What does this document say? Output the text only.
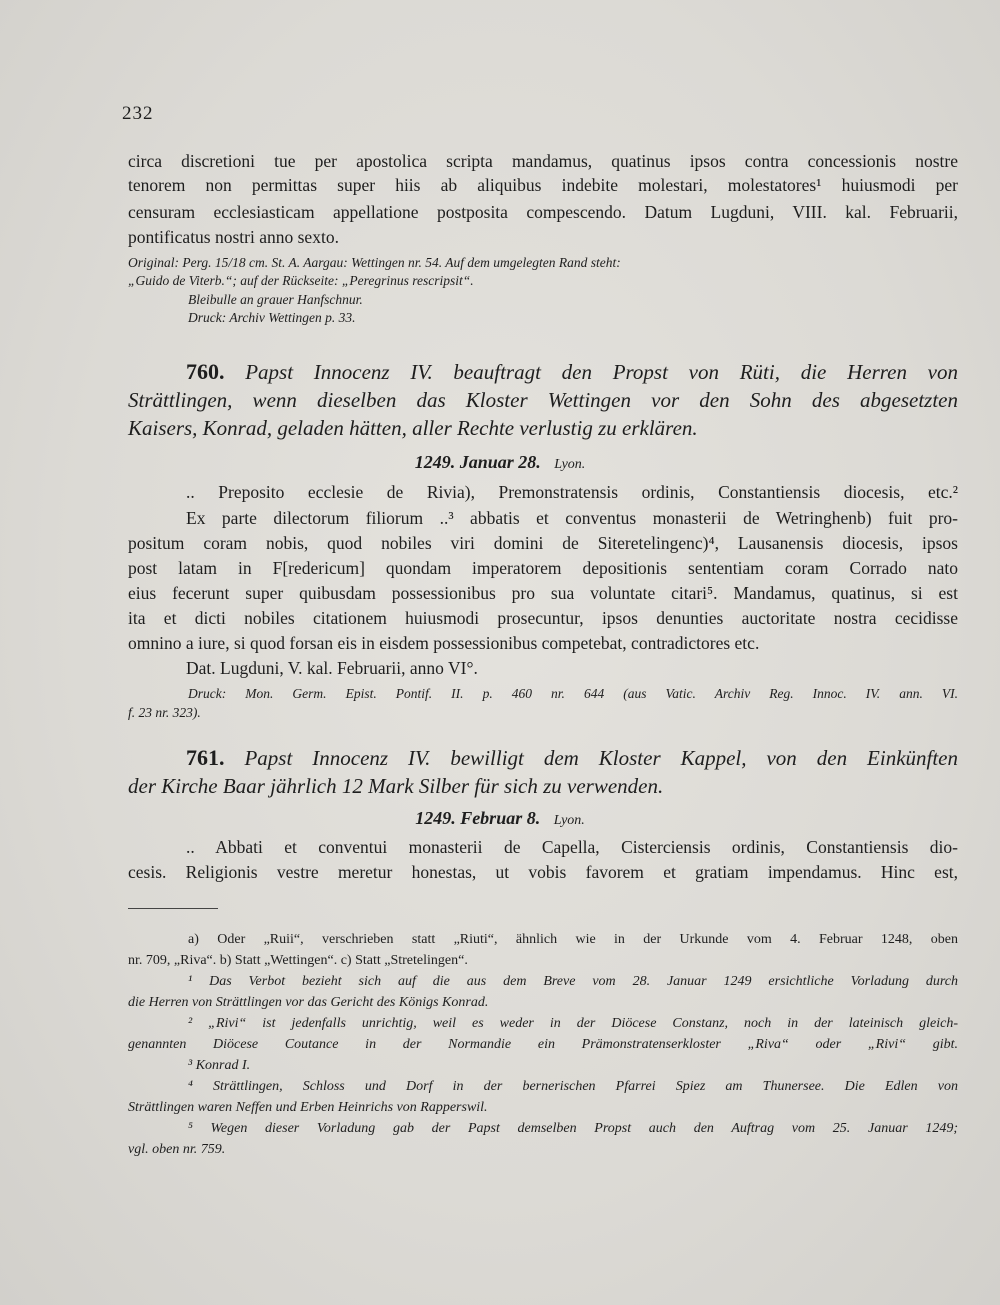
232
circa discretioni tue per apostolica scripta mandamus, quatinus ipsos contra concessionis nostre
tenorem non permittas super hiis ab aliquibus indebite molestari, molestatores¹ huiusmodi per
censuram ecclesiasticam appellatione postposita compescendo. Datum Lugduni, VIII. kal. Februarii,
pontificatus nostri anno sexto.
Original: Perg. 15/18 cm. St. A. Aargau: Wettingen nr. 54. Auf dem umgelegten Rand steht:
„Guido de Viterb.“; auf der Rückseite: „Peregrinus rescripsit“.
Bleibulle an grauer Hanfschnur.
Druck: Archiv Wettingen p. 33.
760. Papst Innocenz IV. beauftragt den Propst von Rüti, die Herren von
Strättlingen, wenn dieselben das Kloster Wettingen vor den Sohn des abgesetzten
Kaisers, Konrad, geladen hätten, aller Rechte verlustig zu erklären.
1249. Januar 28. Lyon.
.. Preposito ecclesie de Rivia), Premonstratensis ordinis, Constantiensis diocesis, etc.²
Ex parte dilectorum filiorum ..³ abbatis et conventus monasterii de Wetringhenb) fuit pro-
positum coram nobis, quod nobiles viri domini de Siteretelingenc)⁴, Lausanensis diocesis, ipsos
post latam in F[redericum] quondam imperatorem depositionis sententiam coram Corrado nato
eius fecerunt super quibusdam possessionibus pro sua voluntate citari⁵. Mandamus, quatinus, si est
ita et dicti nobiles citationem huiusmodi prosecuntur, ipsos denunties auctoritate nostra cecidisse
omnino a iure, si quod forsan eis in eisdem possessionibus competebat, contradictores etc.
Dat. Lugduni, V. kal. Februarii, anno VI°.
Druck: Mon. Germ. Epist. Pontif. II. p. 460 nr. 644 (aus Vatic. Archiv Reg. Innoc. IV. ann. VI.
f. 23 nr. 323).
761. Papst Innocenz IV. bewilligt dem Kloster Kappel, von den Einkünften
der Kirche Baar jährlich 12 Mark Silber für sich zu verwenden.
1249. Februar 8. Lyon.
.. Abbati et conventui monasterii de Capella, Cisterciensis ordinis, Constantiensis dio-
cesis. Religionis vestre meretur honestas, ut vobis favorem et gratiam impendamus. Hinc est,
a) Oder „Ruii“, verschrieben statt „Riuti“, ähnlich wie in der Urkunde vom 4. Februar 1248, oben
nr. 709, „Riva“. b) Statt „Wettingen“. c) Statt „Stretelingen“.
¹ Das Verbot bezieht sich auf die aus dem Breve vom 28. Januar 1249 ersichtliche Vorladung durch
die Herren von Strättlingen vor das Gericht des Königs Konrad.
² „Rivi“ ist jedenfalls unrichtig, weil es weder in der Diöcese Constanz, noch in der lateinisch gleich-
genannten Diöcese Coutance in der Normandie ein Prämonstratenserkloster „Riva“ oder „Rivi“ gibt.
³ Konrad I.
⁴ Strättlingen, Schloss und Dorf in der bernerischen Pfarrei Spiez am Thunersee. Die Edlen von
Strättlingen waren Neffen und Erben Heinrichs von Rapperswil.
⁵ Wegen dieser Vorladung gab der Papst demselben Propst auch den Auftrag vom 25. Januar 1249;
vgl. oben nr. 759.
